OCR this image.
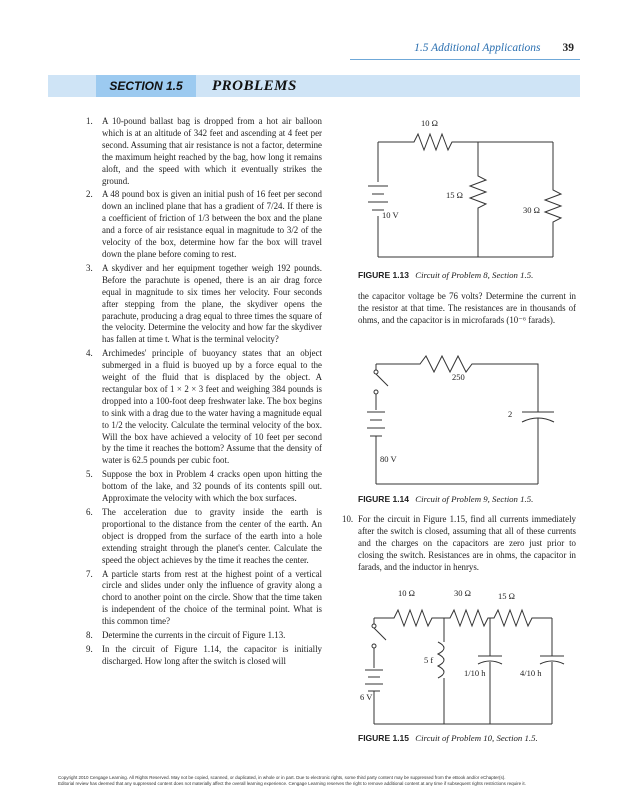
1.5 Additional Applications 39
SECTION 1.5	PROBLEMS
1. A 10-pound ballast bag is dropped from a hot air balloon which is at an altitude of 342 feet and ascending at 4 feet per second. Assuming that air resistance is not a factor, determine the maximum height reached by the bag, how long it remains aloft, and the speed with which it eventually strikes the ground.
2. A 48 pound box is given an initial push of 16 feet per second down an inclined plane that has a gradient of 7/24. If there is a coefficient of friction of 1/3 between the box and the plane and a force of air resistance equal in magnitude to 3/2 of the velocity of the box, determine how far the box will travel down the plane before coming to rest.
3. A skydiver and her equipment together weigh 192 pounds. Before the parachute is opened, there is an air drag force equal in magnitude to six times her velocity. Four seconds after stepping from the plane, the skydiver opens the parachute, producing a drag equal to three times the square of the velocity. Determine the velocity and how far the skydiver has fallen at time t. What is the terminal velocity?
4. Archimedes' principle of buoyancy states that an object submerged in a fluid is buoyed up by a force equal to the weight of the fluid that is displaced by the object. A rectangular box of 1 × 2 × 3 feet and weighing 384 pounds is dropped into a 100-foot deep freshwater lake. The box begins to sink with a drag due to the water having a magnitude equal to 1/2 the velocity. Calculate the terminal velocity of the box. Will the box have achieved a velocity of 10 feet per second by the time it reaches the bottom? Assume that the density of water is 62.5 pounds per cubic foot.
5. Suppose the box in Problem 4 cracks open upon hitting the bottom of the lake, and 32 pounds of its contents spill out. Approximate the velocity with which the box surfaces.
6. The acceleration due to gravity inside the earth is proportional to the distance from the center of the earth. An object is dropped from the surface of the earth into a hole extending straight through the planet's center. Calculate the speed the object achieves by the time it reaches the center.
7. A particle starts from rest at the highest point of a vertical circle and slides under only the influence of gravity along a chord to another point on the circle. Show that the time taken is independent of the choice of the terminal point. What is this common time?
8. Determine the currents in the circuit of Figure 1.13.
9. In the circuit of Figure 1.14, the capacitor is initially discharged. How long after the switch is closed will
10 Ω
15 Ω
30 Ω
10 V
FIGURE 1.13 Circuit of Problem 8, Section 1.5.
the capacitor voltage be 76 volts? Determine the current in the resistor at that time. The resistances are in thousands of ohms, and the capacitor is in microfarads (10⁻⁶ farads).
250
2
80 V
FIGURE 1.14 Circuit of Problem 9, Section 1.5.
10. For the circuit in Figure 1.15, find all currents immediately after the switch is closed, assuming that all of these currents and the charges on the capacitors are zero just prior to closing the switch. Resistances are in ohms, the capacitor in farads, and the inductor in henrys.
10 Ω	30 Ω	15 Ω
5 f
1/10 h	4/10 h
6 V
FIGURE 1.15 Circuit of Problem 10, Section 1.5.
Copyright 2010 Cengage Learning. All Rights Reserved. May not be copied, scanned, or duplicated, in whole or in part. Due to electronic rights, some third party content may be suppressed from the eBook and/or eChapter(s).
Editorial review has deemed that any suppressed content does not materially affect the overall learning experience. Cengage Learning reserves the right to remove additional content at any time if subsequent rights restrictions require it.
